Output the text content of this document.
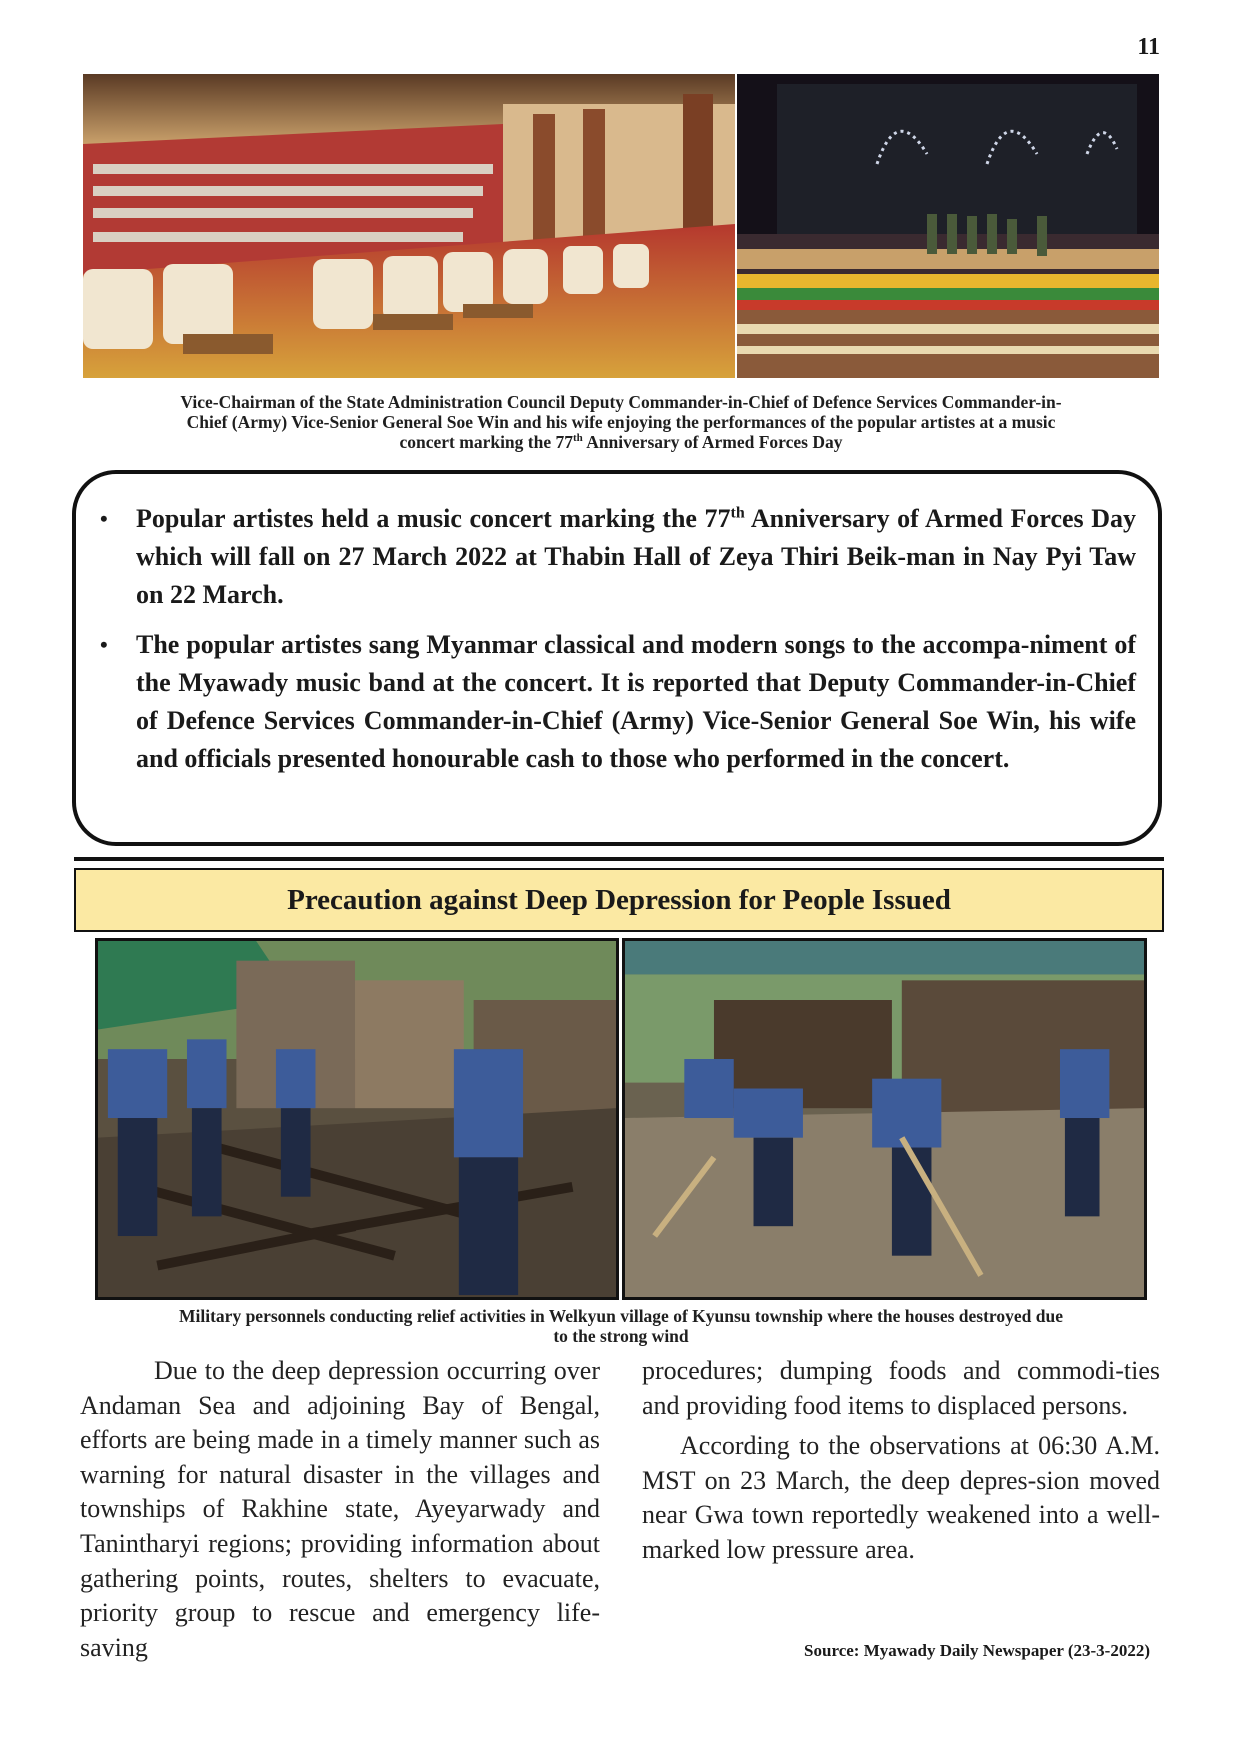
11
Vice-Chairman of the State Administration Council Deputy Commander-in-Chief of Defence Services Commander-in-
Chief (Army) Vice-Senior General Soe Win and his wife enjoying the performances of the popular artistes at a music
concert marking the 77th Anniversary of Armed Forces Day
• Popular artistes held a music concert marking the 77th Anniversary of Armed Forces Day which will fall on 27 March 2022 at Thabin Hall of Zeya Thiri Beik-man in Nay Pyi Taw on 22 March.
• The popular artistes sang Myanmar classical and modern songs to the accompa-niment of the Myawady music band at the concert. It is reported that Deputy Commander-in-Chief of Defence Services Commander-in-Chief (Army) Vice-Senior General Soe Win, his wife and officials presented honourable cash to those who performed in the concert.
Precaution against Deep Depression for People Issued
Military personnels conducting relief activities in Welkyun village of Kyunsu township where the houses destroyed due
to the strong wind

Due to the deep depression occurring over Andaman Sea and adjoining Bay of Bengal, efforts are being made in a timely manner such as warning for natural disaster in the villages and townships of Rakhine state, Ayeyarwady and Tanintharyi regions; providing information about gathering points, routes, shelters to evacuate, priority group to rescue and emergency life-saving

procedures; dumping foods and commodi-ties and providing food items to displaced persons.

According to the observations at 06:30 A.M. MST on 23 March, the deep depres-sion moved near Gwa town reportedly weakened into a well-marked low pressure area.

Source: Myawady Daily Newspaper (23-3-2022)
